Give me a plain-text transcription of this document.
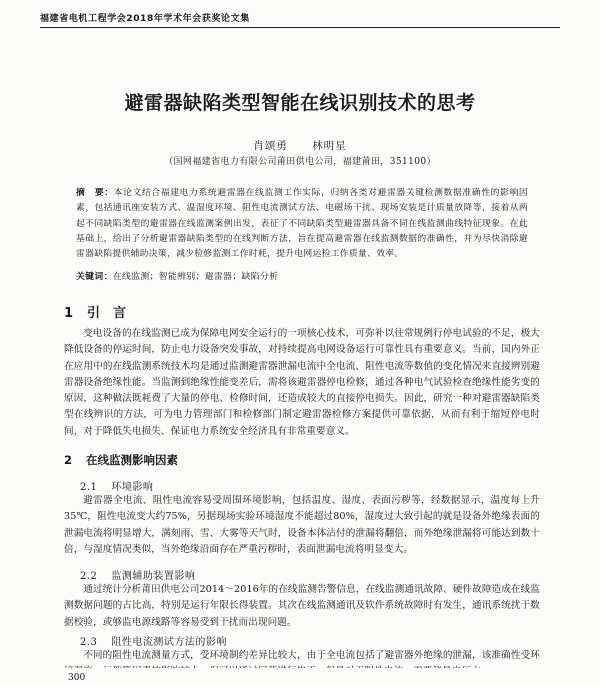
福建省电机工程学会2018年学术年会获奖论文集
避雷器缺陷类型智能在线识别技术的思考
肖颂勇 林明星
（国网福建省电力有限公司莆田供电公司，福建莆田，351100）
摘　要：本论文结合福建电力系统避雷器在线监测工作实际，归纳各类对避雷器关键检测数据准确性的影响因素，包括通讯座安装方式、温湿度环境、阻性电流测试方法、电磁场干扰、现场安装是计质量放降等，接着从两起不同缺陷类型的避雷器在线监测案例出发，表征了不同缺陷类型避雷器具备不同在线监测曲线特征现象。在此基础上，给出了分析避雷器缺陷类型的在线判断方法，旨在提高避雷器在线监测数据的准确性，并为尽快消除避雷器缺陷提供辅助决策，减少检修监测工作时耗，提升电网运检工作质量、效率。
关键词：在线监测；智能辨别；避雷器；缺陷分析
1 引　言
变电设备的在线监测已成为保障电网安全运行的一项核心技术，可弥补以往常规例行停电试验的不足，极大降低设备的停运时间，防止电力设备突发事故，对持续提高电网设备运行可靠性具有重要意义。当前，国内外正在应用中的在线监测系统技术均是通过监测避雷器泄漏电流中全电流、阻性电流等数值的变化情况来直接辨别避雷器设备绝缘性能。当监测到绝缘性能变差后，需将该避雷器停电检修，通过各种电气试验检查绝缘性能劣变的原因，这种做法既耗费了大量的停电、检修时间，还造成较大的直接停电损失。因此，研究一种对避雷器缺陷类型在线辨识的方法，可为电力管理部门和检修部门制定避雷器检修方案提供可靠依据，从而有利于缩短停电时间，对于降低失电损失、保证电力系统安全经济具有非常重要意义。
2 在线监测影响因素
2.1 环境影响
避雷器全电流、阻性电流容易受周围环境影响，包括温度、湿度、表面污秽等，经数据显示，温度每上升35℃，阻性电流变大约75%，另据现场实验环境湿度不能超过80%，湿度过大致引起的就是设备外绝缘表面的泄漏电流将明显增大，满刻雨、雪、大雾等天气时，设备本体沾付的泄漏将翻倍，而外绝缘泄漏将可能达到数十倍，与湿度情况类似，当外绝缘沿面存在严重污秽时，表面泄漏电流将明显变大。
2.2 监测辅助装置影响
通过统计分析莆田供电公司2014～2016年的在线监测告警信息，在线监测通讯故障、硬件故障造成在线监测数据问题的占比高，特别是运行年限长得装置。其次在线监测通讯及软件系统故障时有发生，通讯系统扰于数据校验，或够监电源线路等容易受到干扰而出现问题。
2.3 阻性电流测试方法的影响
不同的阻性电流测量方式，受环境制约差异比较大，由于全电流包括了避雷器外绝缘的泄漏，该准确性受环
300
